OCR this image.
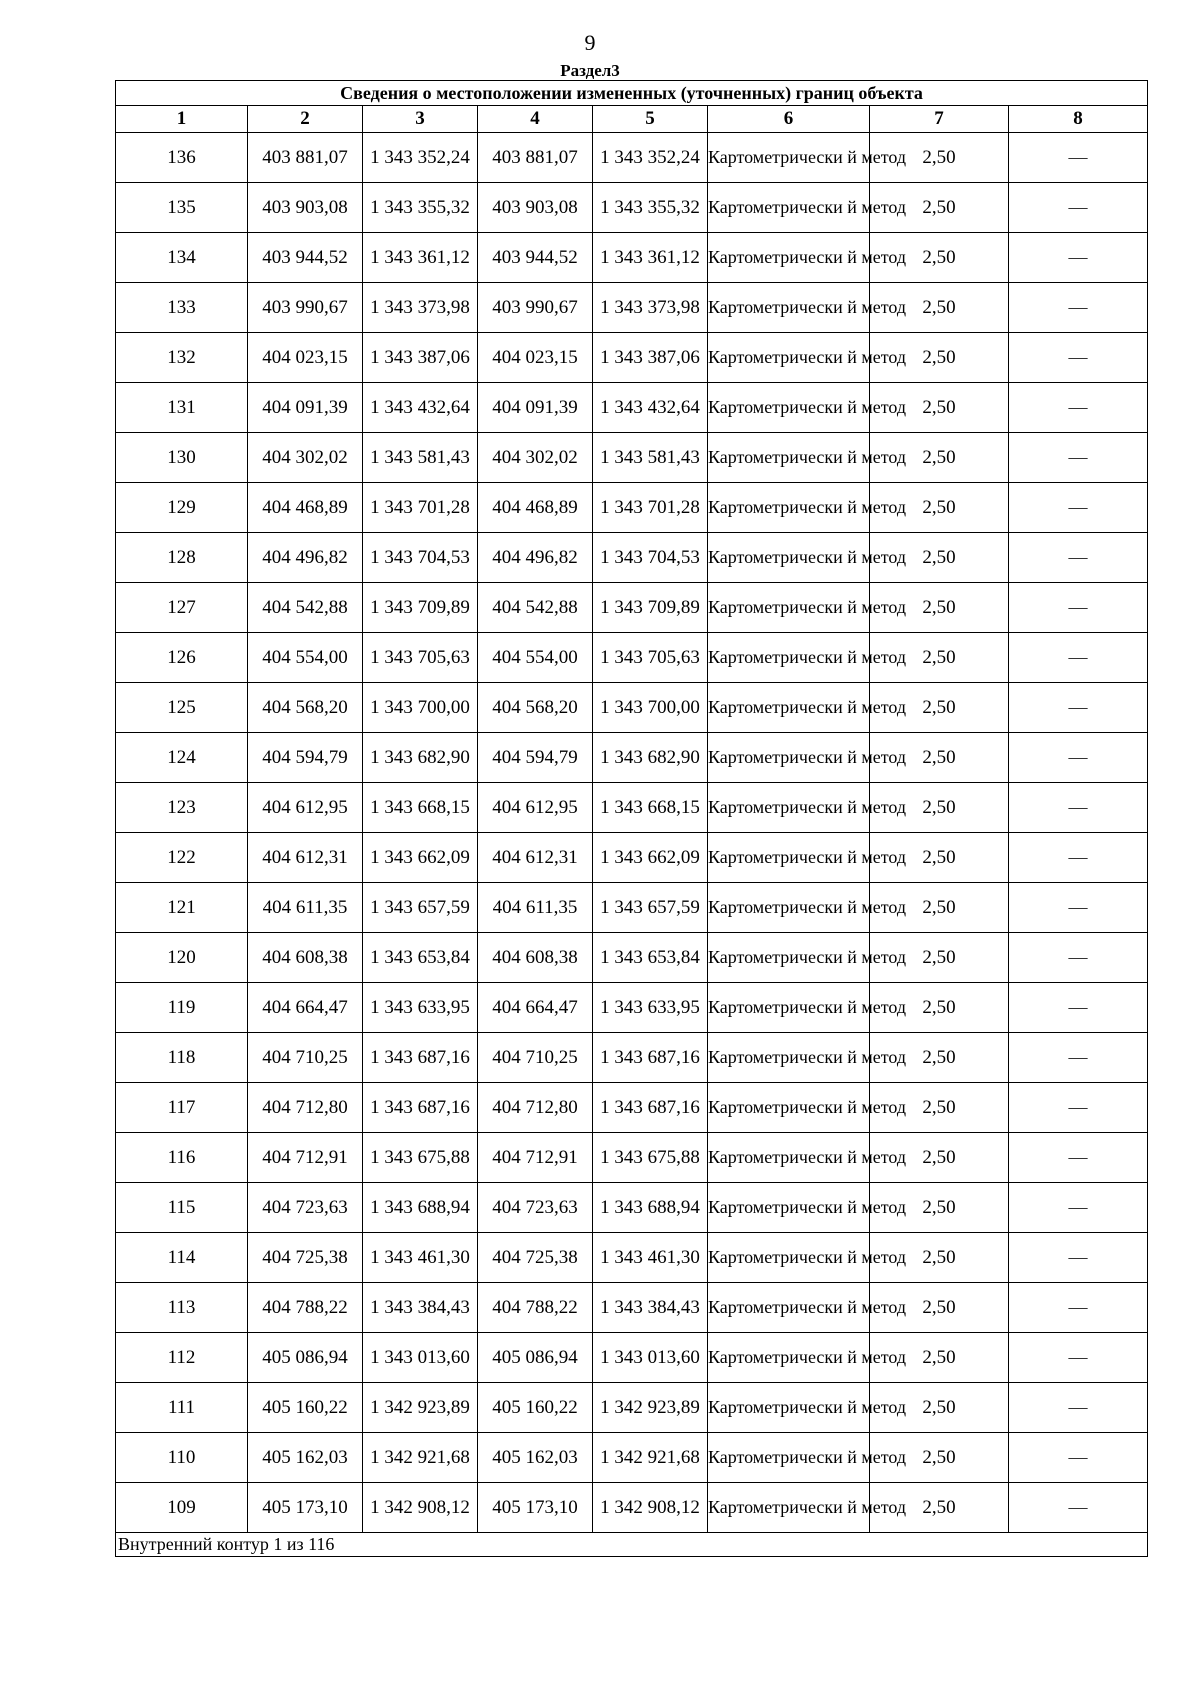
9
Раздел3
Сведения о местоположении измененных (уточненных) границ объекта							
1	2	3	4	5	6	7	8
136	403 881,07	1 343 352,24	403 881,07	1 343 352,24	Картометрически й метод	2,50	—
135	403 903,08	1 343 355,32	403 903,08	1 343 355,32	Картометрически й метод	2,50	—
134	403 944,52	1 343 361,12	403 944,52	1 343 361,12	Картометрически й метод	2,50	—
133	403 990,67	1 343 373,98	403 990,67	1 343 373,98	Картометрически й метод	2,50	—
132	404 023,15	1 343 387,06	404 023,15	1 343 387,06	Картометрически й метод	2,50	—
131	404 091,39	1 343 432,64	404 091,39	1 343 432,64	Картометрически й метод	2,50	—
130	404 302,02	1 343 581,43	404 302,02	1 343 581,43	Картометрически й метод	2,50	—
129	404 468,89	1 343 701,28	404 468,89	1 343 701,28	Картометрически й метод	2,50	—
128	404 496,82	1 343 704,53	404 496,82	1 343 704,53	Картометрически й метод	2,50	—
127	404 542,88	1 343 709,89	404 542,88	1 343 709,89	Картометрически й метод	2,50	—
126	404 554,00	1 343 705,63	404 554,00	1 343 705,63	Картометрически й метод	2,50	—
125	404 568,20	1 343 700,00	404 568,20	1 343 700,00	Картометрически й метод	2,50	—
124	404 594,79	1 343 682,90	404 594,79	1 343 682,90	Картометрически й метод	2,50	—
123	404 612,95	1 343 668,15	404 612,95	1 343 668,15	Картометрически й метод	2,50	—
122	404 612,31	1 343 662,09	404 612,31	1 343 662,09	Картометрически й метод	2,50	—
121	404 611,35	1 343 657,59	404 611,35	1 343 657,59	Картометрически й метод	2,50	—
120	404 608,38	1 343 653,84	404 608,38	1 343 653,84	Картометрически й метод	2,50	—
119	404 664,47	1 343 633,95	404 664,47	1 343 633,95	Картометрически й метод	2,50	—
118	404 710,25	1 343 687,16	404 710,25	1 343 687,16	Картометрически й метод	2,50	—
117	404 712,80	1 343 687,16	404 712,80	1 343 687,16	Картометрически й метод	2,50	—
116	404 712,91	1 343 675,88	404 712,91	1 343 675,88	Картометрически й метод	2,50	—
115	404 723,63	1 343 688,94	404 723,63	1 343 688,94	Картометрически й метод	2,50	—
114	404 725,38	1 343 461,30	404 725,38	1 343 461,30	Картометрически й метод	2,50	—
113	404 788,22	1 343 384,43	404 788,22	1 343 384,43	Картометрически й метод	2,50	—
112	405 086,94	1 343 013,60	405 086,94	1 343 013,60	Картометрически й метод	2,50	—
111	405 160,22	1 342 923,89	405 160,22	1 342 923,89	Картометрически й метод	2,50	—
110	405 162,03	1 342 921,68	405 162,03	1 342 921,68	Картометрически й метод	2,50	—
109	405 173,10	1 342 908,12	405 173,10	1 342 908,12	Картометрически й метод	2,50	—
Внутренний контур 1 из 116							
